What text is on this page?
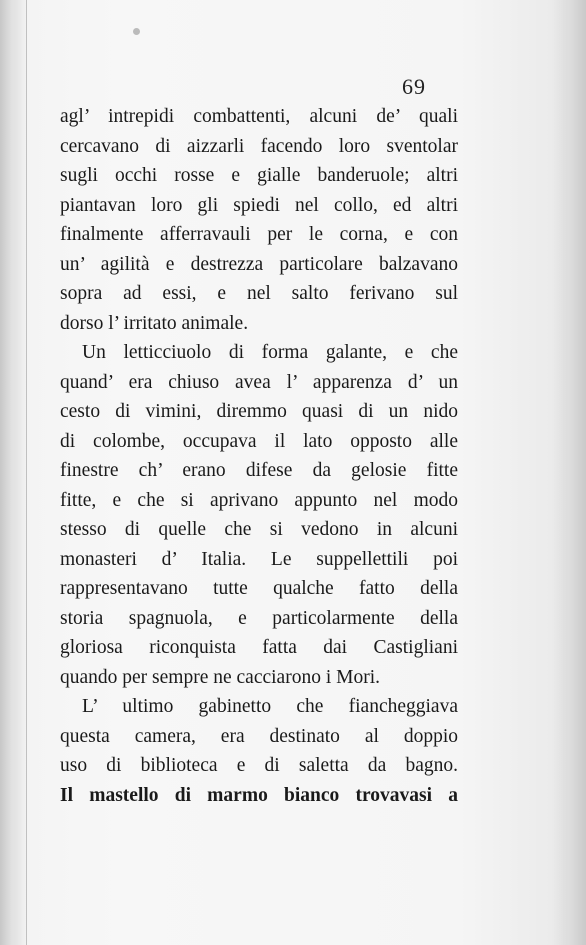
69
agl’ intrepidi combattenti, alcuni de’ quali
cercavano di aizzarli facendo loro sventolar
sugli occhi rosse e gialle banderuole; altri
piantavan loro gli spiedi nel collo, ed altri
finalmente afferravauli per le corna, e con
un’ agilità e destrezza particolare balzavano
sopra ad essi, e nel salto ferivano sul
dorso l’ irritato animale.
Un letticciuolo di forma galante, e che
quand’ era chiuso avea l’ apparenza d’ un
cesto di vimini, diremmo quasi di un nido
di colombe, occupava il lato opposto alle
finestre ch’ erano difese da gelosie fitte
fitte, e che si aprivano appunto nel modo
stesso di quelle che si vedono in alcuni
monasteri d’ Italia. Le suppellettili poi
rappresentavano tutte qualche fatto della
storia spagnuola, e particolarmente della
gloriosa riconquista fatta dai Castigliani
quando per sempre ne cacciarono i Mori.
L’ ultimo gabinetto che fiancheggiava
questa camera, era destinato al doppio
uso di biblioteca e di saletta da bagno.
Il mastello di marmo bianco trovavasi a
